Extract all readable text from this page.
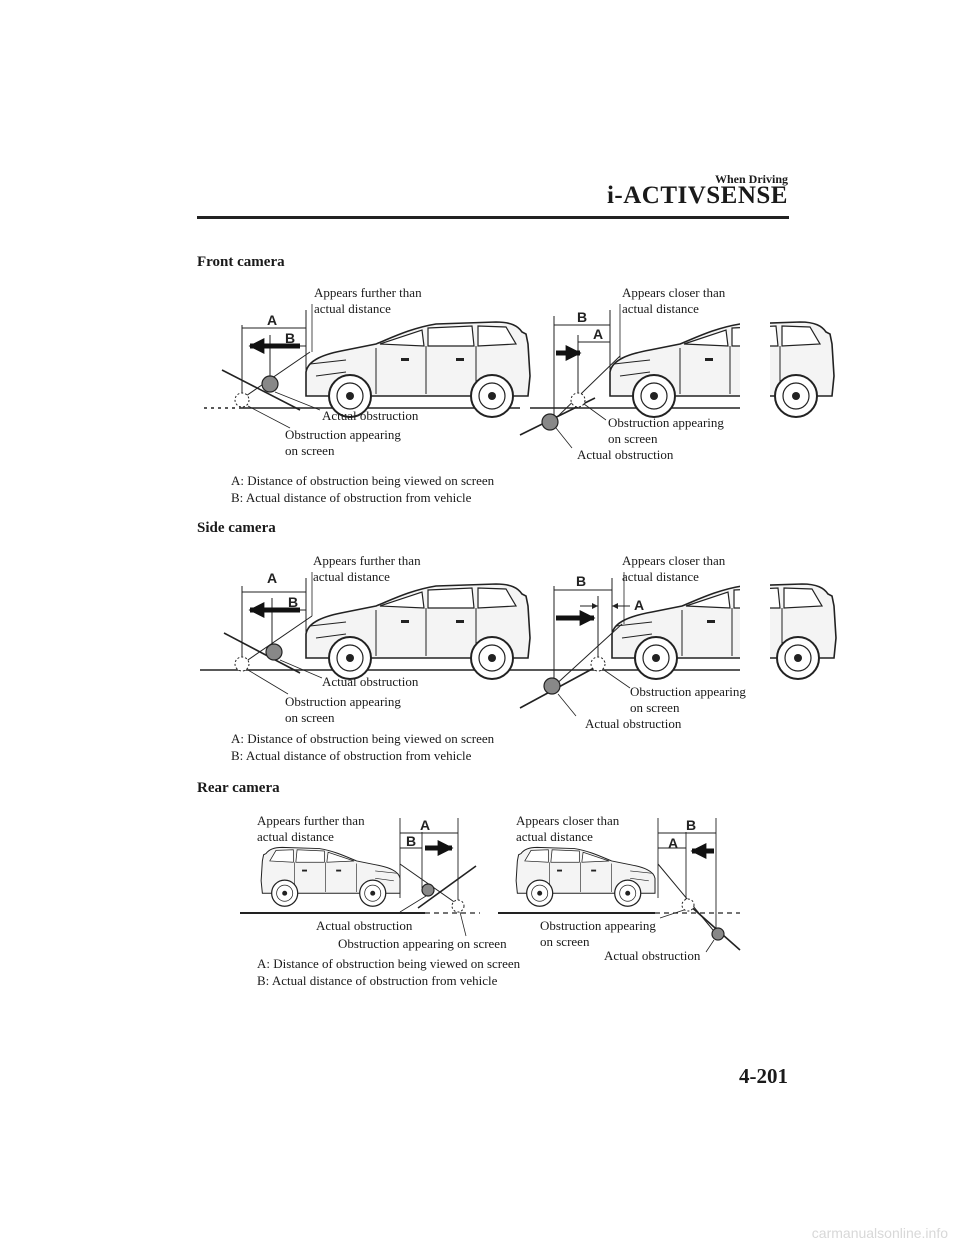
When Driving
i-ACTIVSENSE
Front camera
A
B
B
A
Appears further than
actual distance
Actual obstruction
Obstruction appearing
on screen
Appears closer than
actual distance
Obstruction appearing
on screen
Actual obstruction
A: Distance of obstruction being viewed on screen
B: Actual distance of obstruction from vehicle
Side camera
A
B
B
A
Appears further than
actual distance
Actual obstruction
Obstruction appearing
on screen
Appears closer than
actual distance
Obstruction appearing
on screen
Actual obstruction
A: Distance of obstruction being viewed on screen
B: Actual distance of obstruction from vehicle
Rear camera
A
B
B
A
Appears further than
actual distance
Actual obstruction
Obstruction appearing on screen
Appears closer than
actual distance
Obstruction appearing
on screen
Actual obstruction
A: Distance of obstruction being viewed on screen
B: Actual distance of obstruction from vehicle
4-201
carmanualsonline.info
